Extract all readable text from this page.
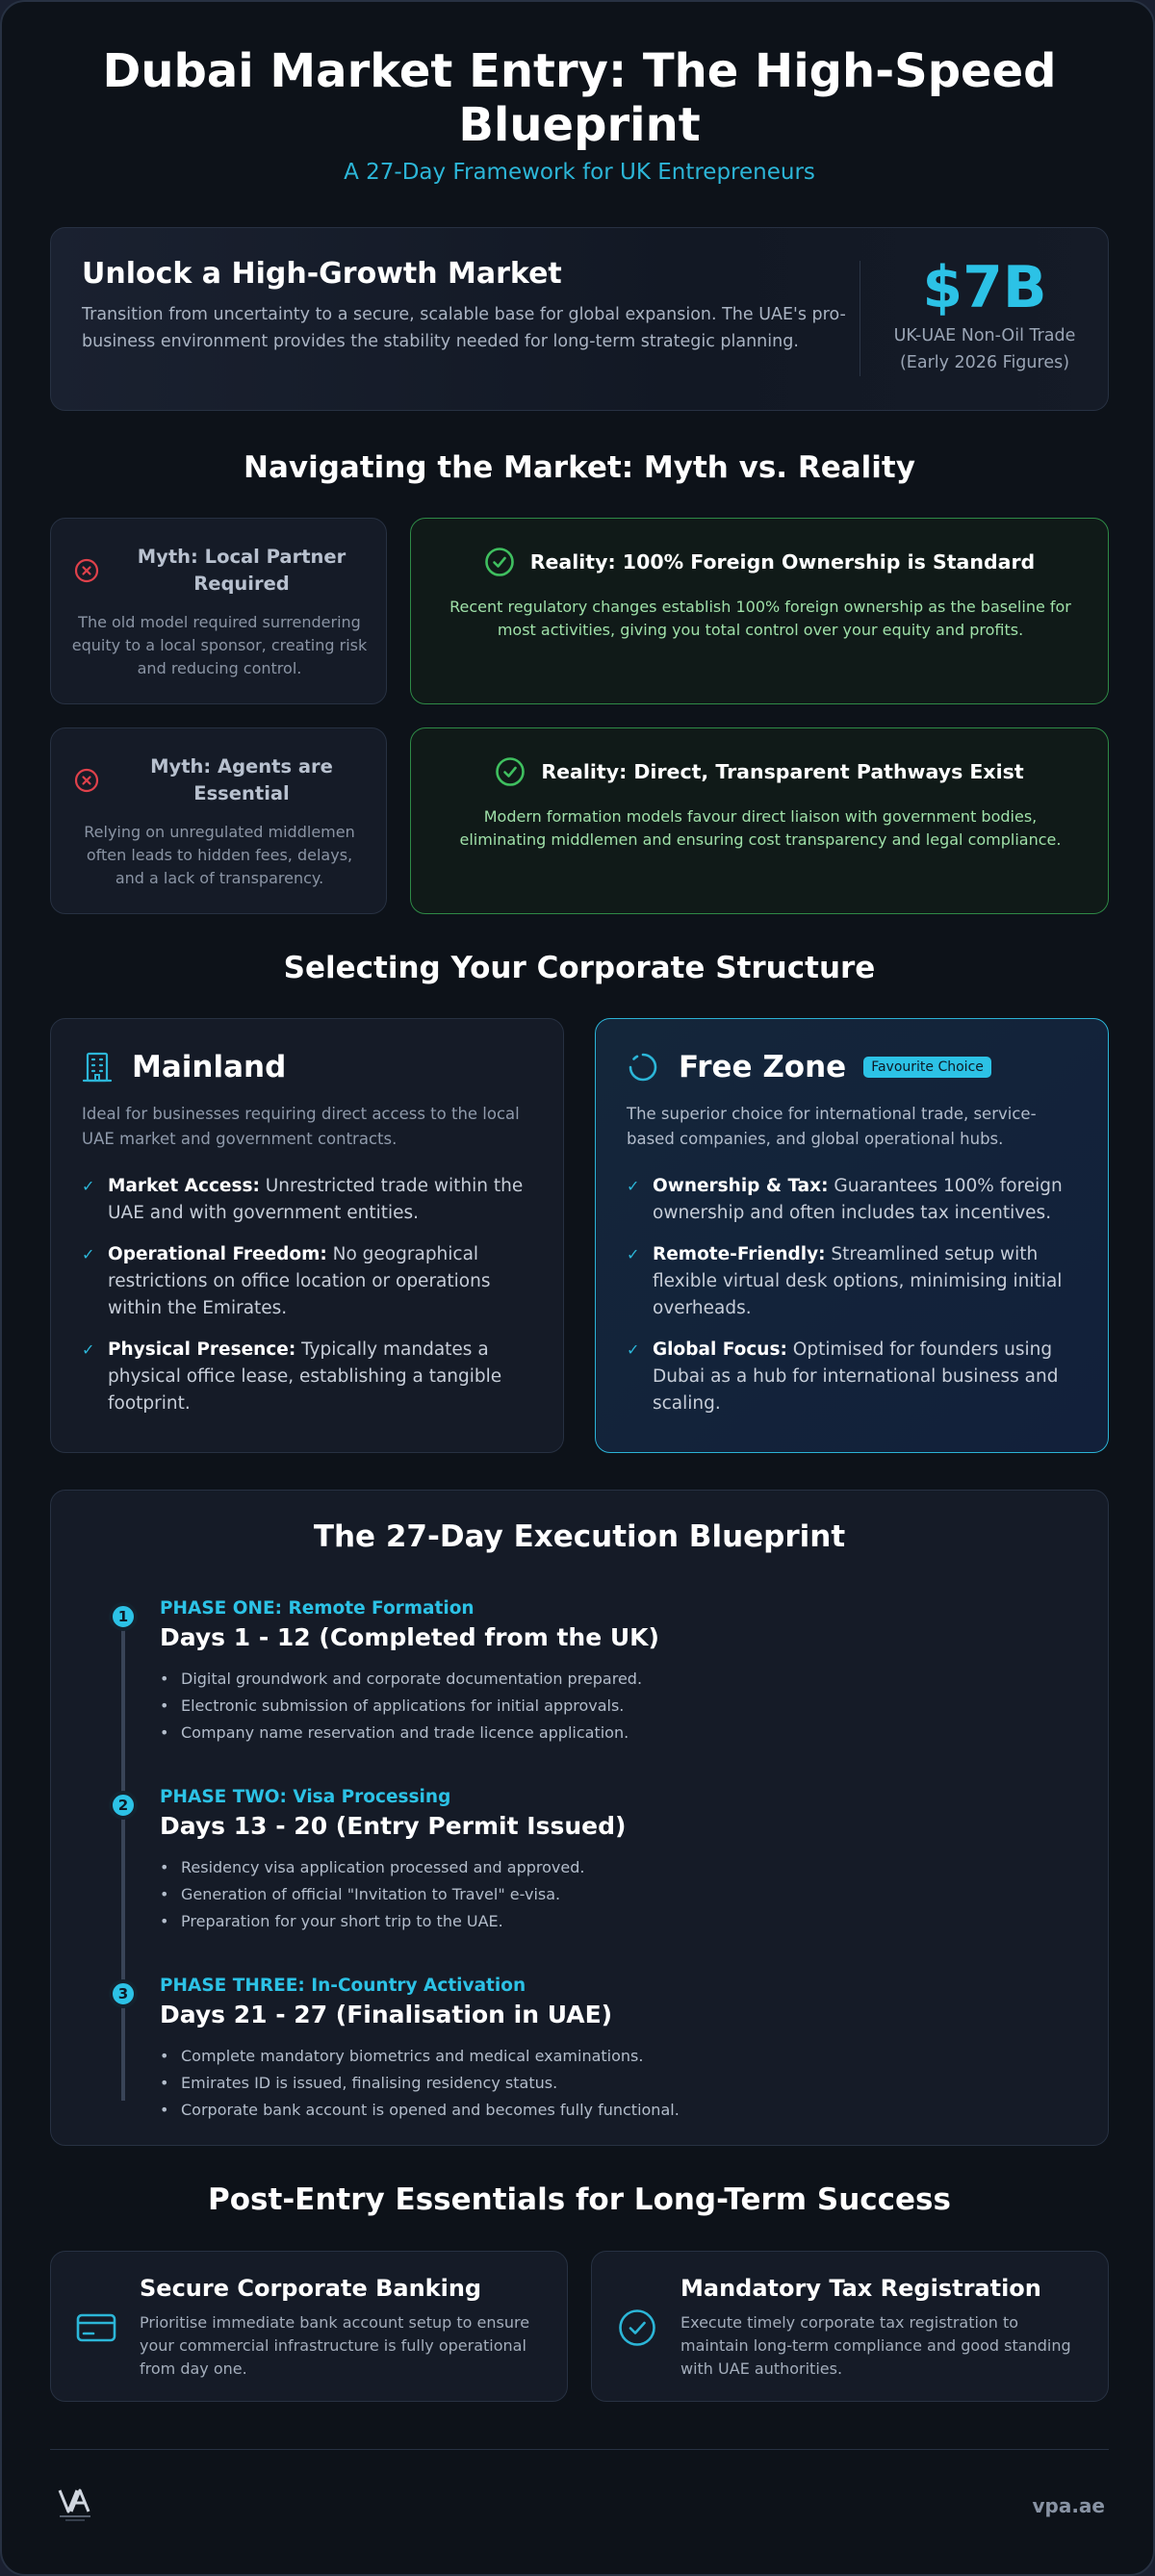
Dubai Market Entry: The High-Speed Blueprint
A 27-Day Framework for UK Entrepreneurs
Unlock a High-Growth Market
Transition from uncertainty to a secure, scalable base for global expansion. The UAE's pro-business environment provides the stability needed for long-term strategic planning.
$7B
UK-UAE Non-Oil Trade
(Early 2026 Figures)
Navigating the Market: Myth vs. Reality
Myth: Local Partner Required
The old model required surrendering equity to a local sponsor, creating risk and reducing control.
Reality: 100% Foreign Ownership is Standard
Recent regulatory changes establish 100% foreign ownership as the baseline for most activities, giving you total control over your equity and profits.
Myth: Agents are Essential
Relying on unregulated middlemen often leads to hidden fees, delays, and a lack of transparency.
Reality: Direct, Transparent Pathways Exist
Modern formation models favour direct liaison with government bodies, eliminating middlemen and ensuring cost transparency and legal compliance.
Selecting Your Corporate Structure
Mainland
Ideal for businesses requiring direct access to the local UAE market and government contracts.
✓ Market Access: Unrestricted trade within the UAE and with government entities.
✓ Operational Freedom: No geographical restrictions on office location or operations within the Emirates.
✓ Physical Presence: Typically mandates a physical office lease, establishing a tangible footprint.
Free Zone	Favourite Choice
The superior choice for international trade, service-based companies, and global operational hubs.
✓ Ownership & Tax: Guarantees 100% foreign ownership and often includes tax incentives.
✓ Remote-Friendly: Streamlined setup with flexible virtual desk options, minimising initial overheads.
✓ Global Focus: Optimised for founders using Dubai as a hub for international business and scaling.
The 27-Day Execution Blueprint
1	PHASE ONE: Remote Formation
Days 1 - 12 (Completed from the UK)
• Digital groundwork and corporate documentation prepared.
• Electronic submission of applications for initial approvals.
• Company name reservation and trade licence application.
2	PHASE TWO: Visa Processing
Days 13 - 20 (Entry Permit Issued)
• Residency visa application processed and approved.
• Generation of official "Invitation to Travel" e-visa.
• Preparation for your short trip to the UAE.
3	PHASE THREE: In-Country Activation
Days 21 - 27 (Finalisation in UAE)
• Complete mandatory biometrics and medical examinations.
• Emirates ID is issued, finalising residency status.
• Corporate bank account is opened and becomes fully functional.
Post-Entry Essentials for Long-Term Success
Secure Corporate Banking
Prioritise immediate bank account setup to ensure your commercial infrastructure is fully operational from day one.
Mandatory Tax Registration
Execute timely corporate tax registration to maintain long-term compliance and good standing with UAE authorities.
vpa.ae
